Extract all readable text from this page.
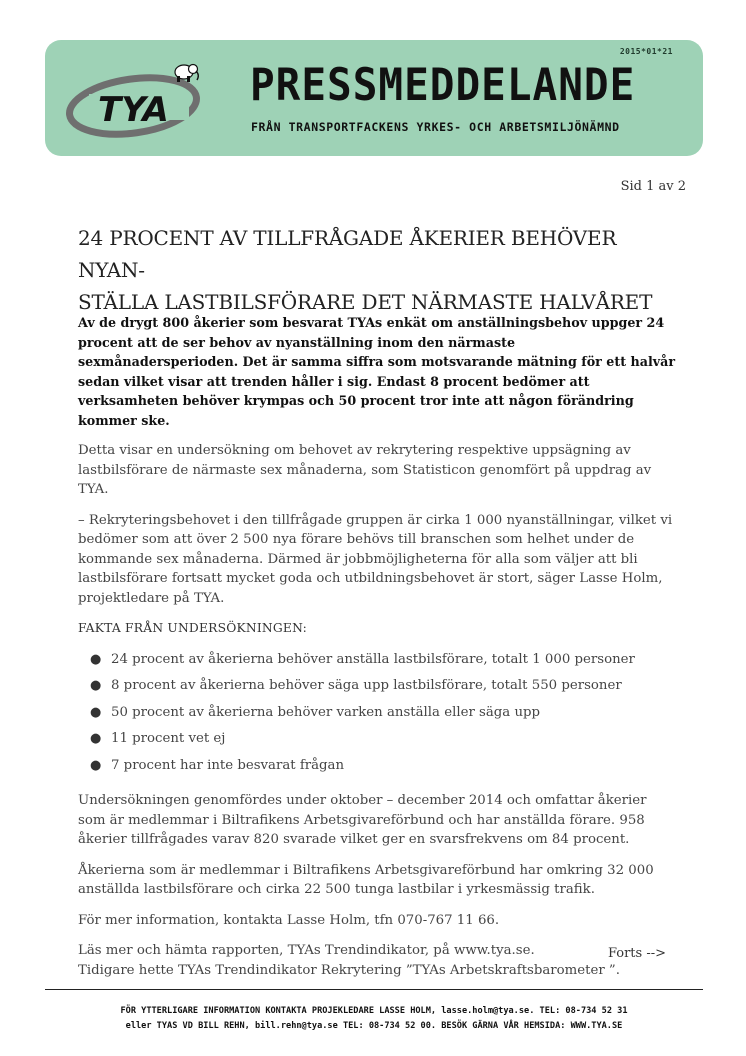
TYA
2015*01*21
PRESSMEDDELANDE
FRÅN TRANSPORTFACKENS YRKES- OCH ARBETSMILJÖNÄMND
Sid 1 av 2
24 PROCENT AV TILLFRÅGADE ÅKERIER BEHÖVER NYAN-
STÄLLA LASTBILSFÖRARE DET NÄRMASTE HALVÅRET

Av de drygt 800 åkerier som besvarat TYAs enkät om anställningsbehov uppger 24 procent att de ser behov av nyanställning inom den närmaste sexmånadersperioden. Det är samma siffra som motsvarande mätning för ett halvår sedan vilket visar att trenden håller i sig. Endast 8 procent bedömer att verksamheten behöver krympas och 50 procent tror inte att någon förändring kommer ske.

Detta visar en undersökning om behovet av rekrytering respektive uppsägning av lastbilsförare de närmaste sex månaderna, som Statisticon genomfört på uppdrag av TYA.

– Rekryteringsbehovet i den tillfrågade gruppen är cirka 1 000 nyanställningar, vilket vi bedömer som att över 2 500 nya förare behövs till branschen som helhet under de kommande sex månaderna. Därmed är jobbmöjligheterna för alla som väljer att bli lastbilsförare fortsatt mycket goda och utbildningsbehovet är stort, säger Lasse Holm, projektledare på TYA.

FAKTA FRÅN UNDERSÖKNINGEN:
● 24 procent av åkerierna behöver anställa lastbilsförare, totalt 1 000 personer
● 8 procent av åkerierna behöver säga upp lastbilsförare, totalt 550 personer
● 50 procent av åkerierna behöver varken anställa eller säga upp
● 11 procent vet ej
● 7 procent har inte besvarat frågan

Undersökningen genomfördes under oktober – december 2014 och omfattar åkerier som är medlemmar i Biltrafikens Arbetsgivareförbund och har anställda förare. 958 åkerier tillfrågades varav 820 svarade vilket ger en svarsfrekvens om 84 procent.

Åkerierna som är medlemmar i Biltrafikens Arbetsgivareförbund har omkring 32 000 anställda lastbilsförare och cirka 22 500 tunga lastbilar i yrkesmässig trafik.

För mer information, kontakta Lasse Holm, tfn 070-767 11 66.

Läs mer och hämta rapporten, TYAs Trendindikator, på www.tya.se.
Tidigare hette TYAs Trendindikator Rekrytering ”TYAs Arbetskraftsbarometer ”.

Forts -->
FÖR YTTERLIGARE INFORMATION KONTAKTA PROJEKLEDARE LASSE HOLM, lasse.holm@tya.se. TEL: 08-734 52 31
eller TYAS VD BILL REHN, bill.rehn@tya.se TEL: 08-734 52 00. BESÖK GÄRNA VÅR HEMSIDA: WWW.TYA.SE
